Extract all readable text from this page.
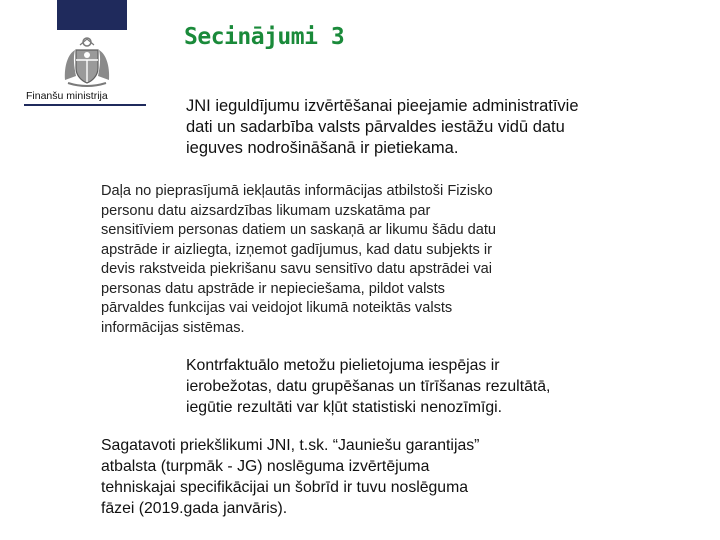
Finanšu ministrija
Secinājumi 3

JNI ieguldījumu izvērtēšanai pieejamie administratīvie
dati un sadarbība valsts pārvaldes iestāžu vidū datu
ieguves nodrošināšanā ir pietiekama.

Daļa no pieprasījumā iekļautās informācijas atbilstoši Fizisko
personu datu aizsardzības likumam uzskatāma par
sensitīviem personas datiem un saskaņā ar likumu šādu datu
apstrāde ir aizliegta, izņemot gadījumus, kad datu subjekts ir
devis rakstveida piekrišanu savu sensitīvo datu apstrādei vai
personas datu apstrāde ir nepieciešama, pildot valsts
pārvaldes funkcijas vai veidojot likumā noteiktās valsts
informācijas sistēmas.

Kontrfaktuālo metožu pielietojuma iespējas ir
ierobežotas, datu grupēšanas un tīrīšanas rezultātā,
iegūtie rezultāti var kļūt statistiski nenozīmīgi.

Sagatavoti priekšlikumi JNI, t.sk. “Jauniešu garantijas”
atbalsta (turpmāk - JG) noslēguma izvērtējuma
tehniskajai specifikācijai un šobrīd ir tuvu noslēguma
fāzei (2019.gada janvāris).
